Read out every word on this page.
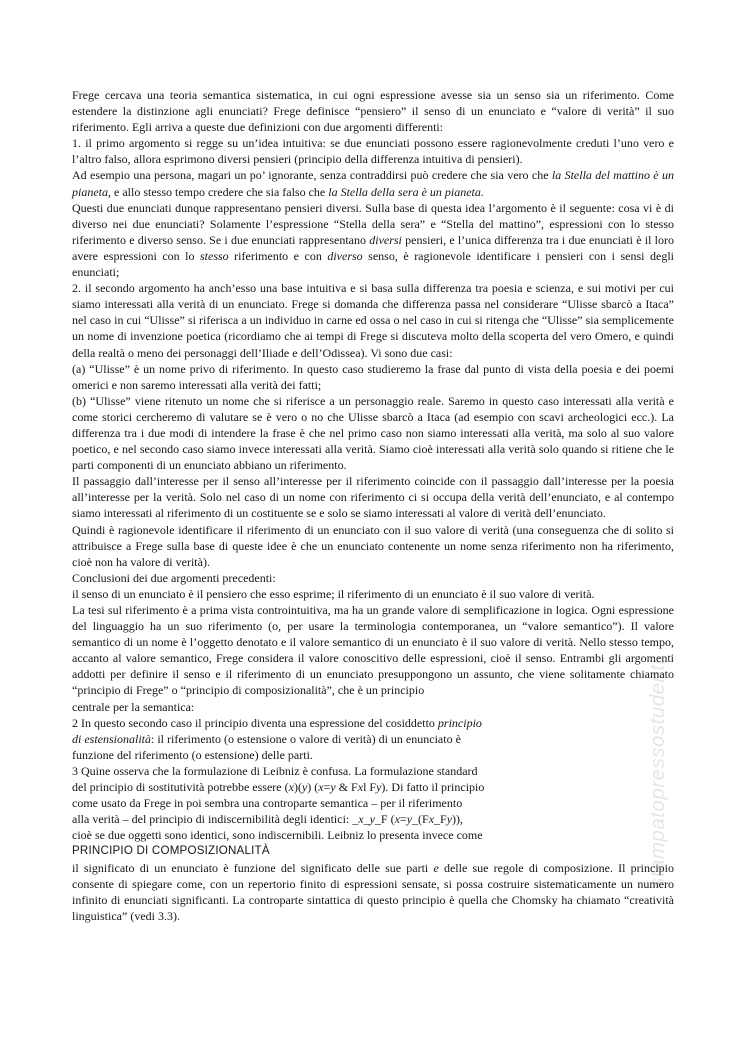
stampatopressostudenti

Frege cercava una teoria semantica sistematica, in cui ogni espressione avesse sia un senso sia un riferimento. Come estendere la distinzione agli enunciati? Frege definisce “pensiero” il senso di un enunciato e “valore di verità” il suo riferimento. Egli arriva a queste due definizioni con due argomenti differenti:

1. il primo argomento si regge su un’idea intuitiva: se due enunciati possono essere ragionevolmente creduti l’uno vero e l’altro falso, allora esprimono diversi pensieri (principio della differenza intuitiva di pensieri).

Ad esempio una persona, magari un po’ ignorante, senza contraddirsi può credere che sia vero che la Stella del mattino è un pianeta, e allo stesso tempo credere che sia falso che la Stella della sera è un pianeta.

Questi due enunciati dunque rappresentano pensieri diversi. Sulla base di questa idea l’argomento è il seguente: cosa vi è di diverso nei due enunciati? Solamente l’espressione “Stella della sera” e “Stella del mattino”, espressioni con lo stesso riferimento e diverso senso. Se i due enunciati rappresentano diversi pensieri, e l’unica differenza tra i due enunciati è il loro avere espressioni con lo stesso riferimento e con diverso senso, è ragionevole identificare i pensieri con i sensi degli enunciati;

2. il secondo argomento ha anch’esso una base intuitiva e si basa sulla differenza tra poesia e scienza, e sui motivi per cui siamo interessati alla verità di un enunciato. Frege si domanda che differenza passa nel considerare “Ulisse sbarcò a Itaca” nel caso in cui “Ulisse” si riferisca a un individuo in carne ed ossa o nel caso in cui si ritenga che “Ulisse” sia semplicemente un nome di invenzione poetica (ricordiamo che ai tempi di Frege si discuteva molto della scoperta del vero Omero, e quindi della realtà o meno dei personaggi dell’Iliade e dell’Odissea). Vi sono due casi:

(a) “Ulisse” è un nome privo di riferimento. In questo caso studieremo la frase dal punto di vista della poesia e dei poemi omerici e non saremo interessati alla verità dei fatti;

(b) “Ulisse” viene ritenuto un nome che si riferisce a un personaggio reale. Saremo in questo caso interessati alla verità e come storici cercheremo di valutare se è vero o no che Ulisse sbarcò a Itaca (ad esempio con scavi archeologici ecc.). La differenza tra i due modi di intendere la frase è che nel primo caso non siamo interessati alla verità, ma solo al suo valore poetico, e nel secondo caso siamo invece interessati alla verità. Siamo cioè interessati alla verità solo quando si ritiene che le parti componenti di un enunciato abbiano un riferimento.

Il passaggio dall’interesse per il senso all’interesse per il riferimento coincide con il passaggio dall’interesse per la poesia all’interesse per la verità. Solo nel caso di un nome con riferimento ci si occupa della verità dell’enunciato, e al contempo siamo interessati al riferimento di un costituente se e solo se siamo interessati al valore di verità dell’enunciato.

Quindi è ragionevole identificare il riferimento di un enunciato con il suo valore di verità (una conseguenza che di solito si attribuisce a Frege sulla base di queste idee è che un enunciato contenente un nome senza riferimento non ha riferimento, cioè non ha valore di verità).

Conclusioni dei due argomenti precedenti:

il senso di un enunciato è il pensiero che esso esprime; il riferimento di un enunciato è il suo valore di verità.

La tesi sul riferimento è a prima vista controintuitiva, ma ha un grande valore di semplificazione in logica. Ogni espressione del linguaggio ha un suo riferimento (o, per usare la terminologia contemporanea, un “valore semantico”). Il valore semantico di un nome è l’oggetto denotato e il valore semantico di un enunciato è il suo valore di verità. Nello stesso tempo, accanto al valore semantico, Frege considera il valore conoscitivo delle espressioni, cioè il senso. Entrambi gli argomenti addotti per definire il senso e il riferimento di un enunciato presuppongono un assunto, che viene solitamente chiamato “principio di Frege” o “principio di composizionalità”, che è un principio

centrale per la semantica:

2 In questo secondo caso il principio diventa una espressione del cosiddetto principio

di estensionalità: il riferimento (o estensione o valore di verità) di un enunciato è

funzione del riferimento (o estensione) delle parti.

3 Quine osserva che la formulazione di Leibniz è confusa. La formulazione standard

del principio di sostitutività potrebbe essere (x)(y) (x=y & Fxl Fy). Di fatto il principio

come usato da Frege in poi sembra una controparte semantica – per il riferimento

alla verità – del principio di indiscernibilità degli identici: _x_y_F (x=y_(Fx_Fy)),

cioè se due oggetti sono identici, sono indiscernibili. Leibniz lo presenta invece come

PRINCIPIO DI COMPOSIZIONALITÀ

il significato di un enunciato è funzione del significato delle sue parti e delle sue regole di composizione. Il principio consente di spiegare come, con un repertorio finito di espressioni sensate, si possa costruire sistematicamente un numero infinito di enunciati significanti. La controparte sintattica di questo principio è quella che Chomsky ha chiamato “creatività linguistica” (vedi 3.3).
